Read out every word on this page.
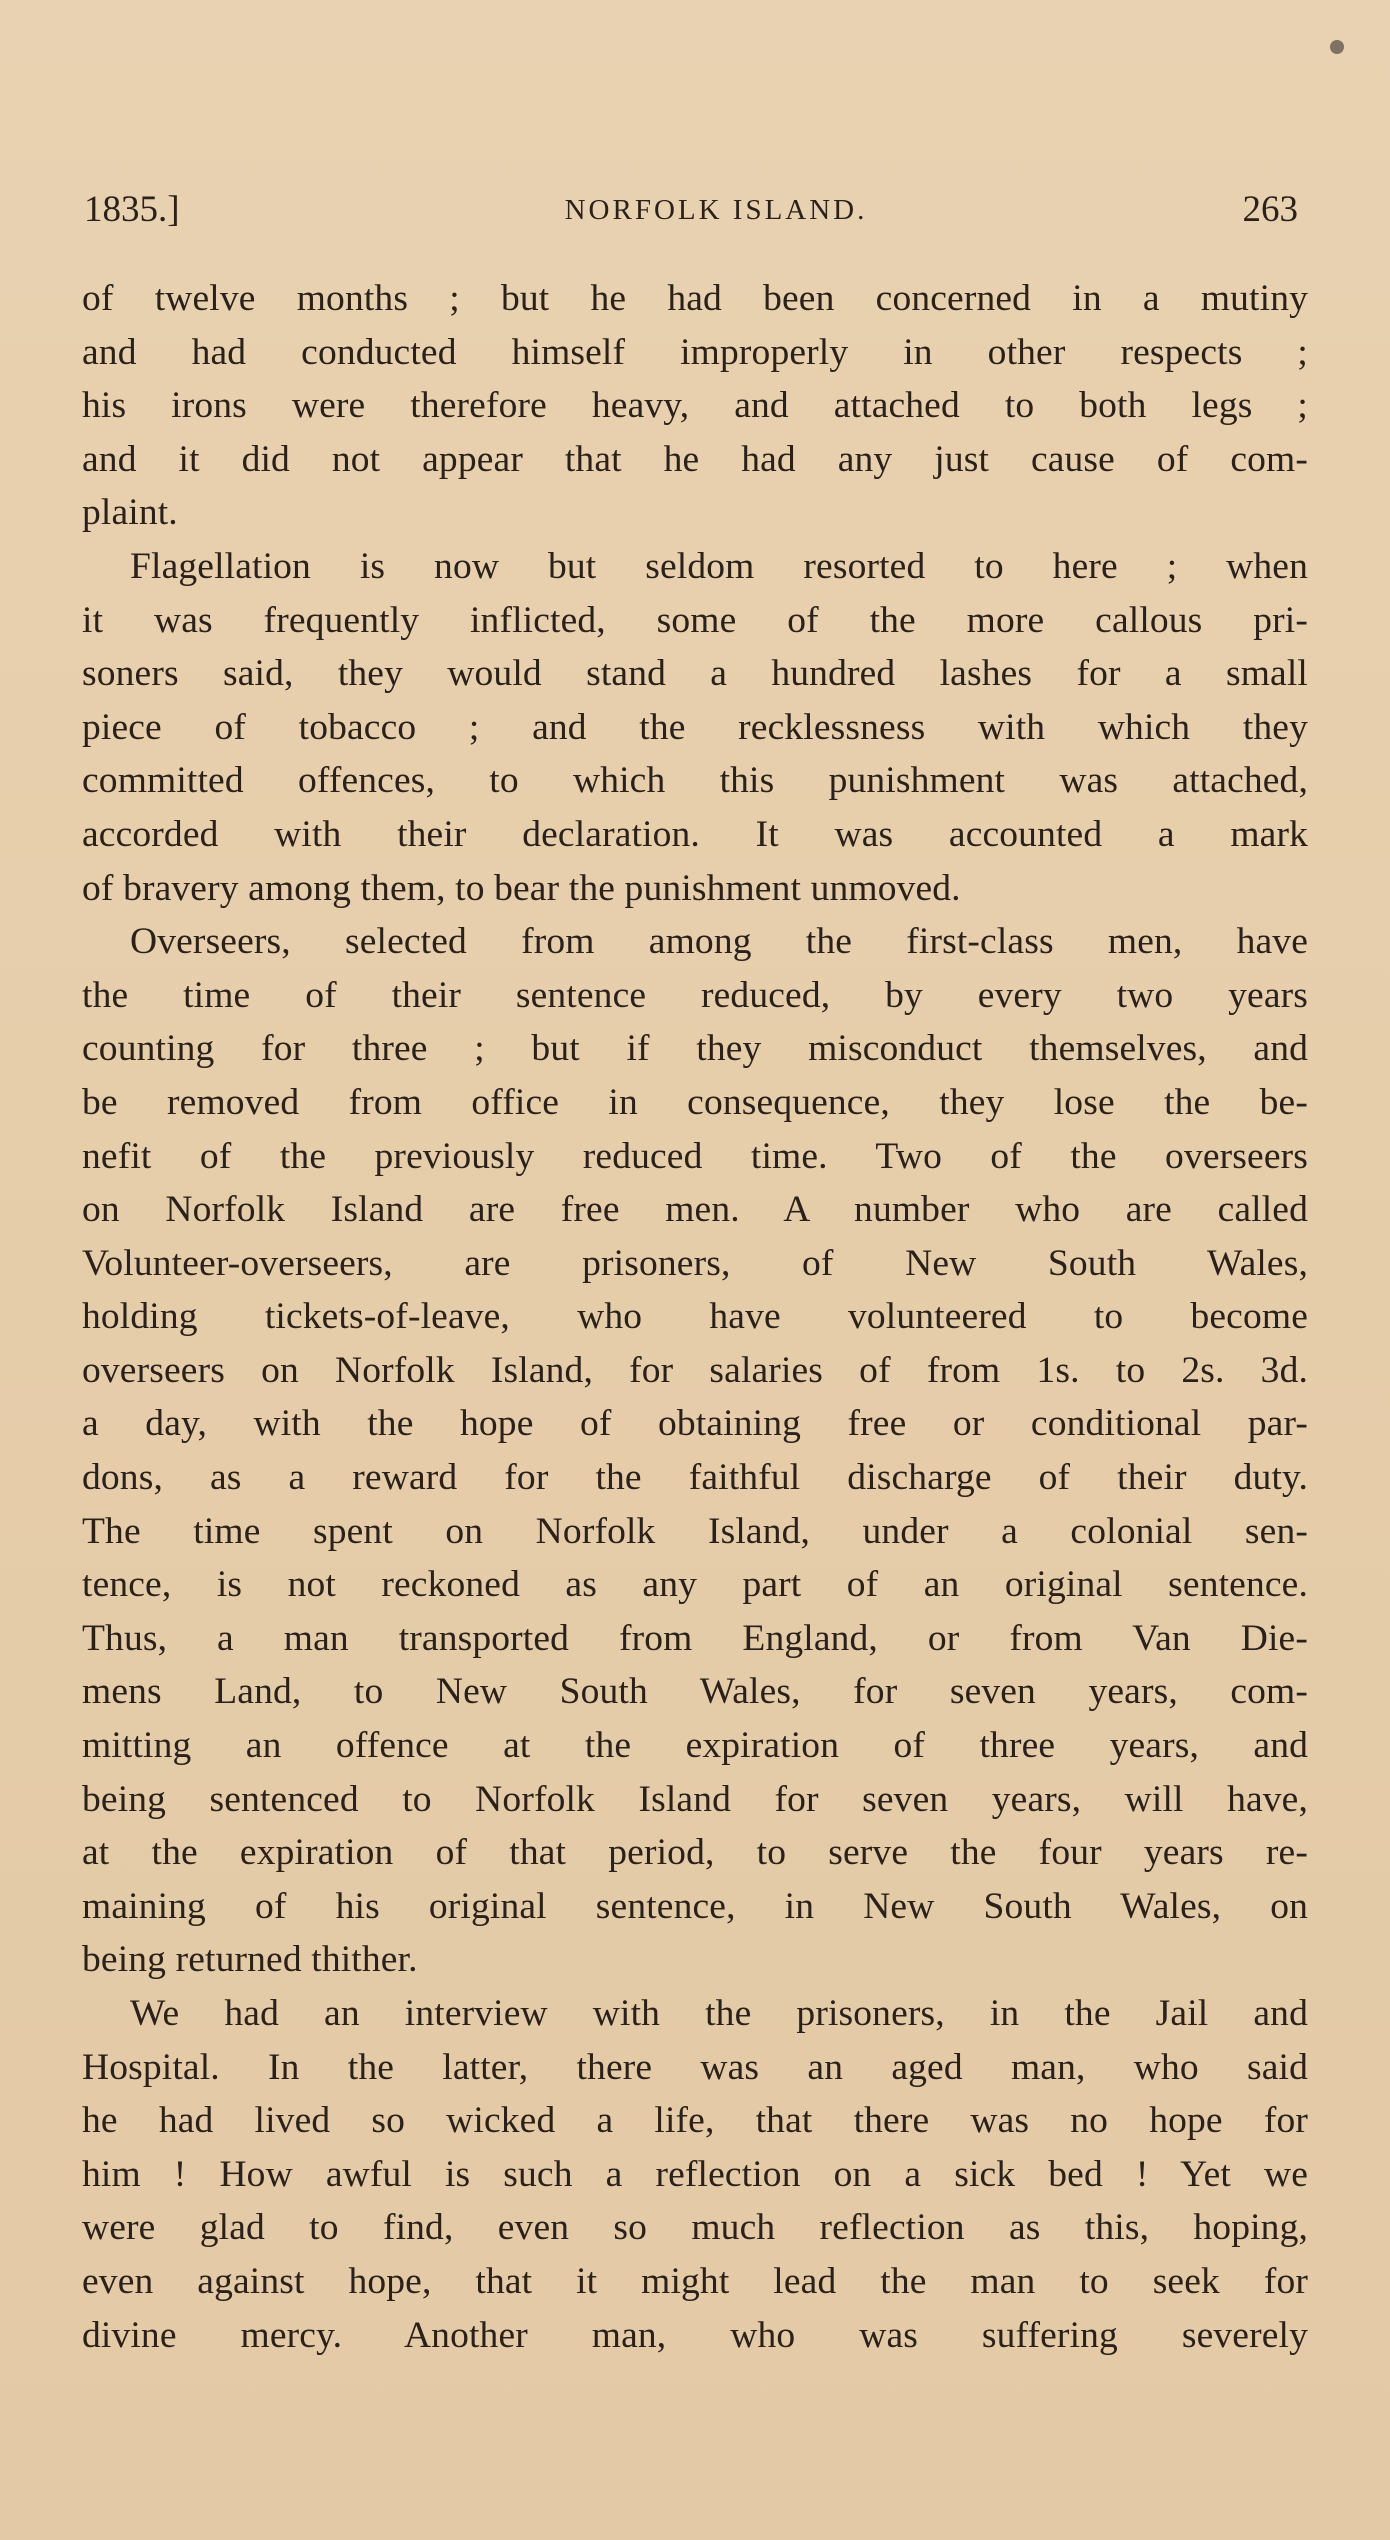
1835.]	NORFOLK ISLAND.	263
of twelve months ; but he had been concerned in a mutiny
and had conducted himself improperly in other respects ;
his irons were therefore heavy, and attached to both legs ;
and it did not appear that he had any just cause of com-
plaint.
Flagellation is now but seldom resorted to here ; when
it was frequently inflicted, some of the more callous pri-
soners said, they would stand a hundred lashes for a small
piece of tobacco ; and the recklessness with which they
committed offences, to which this punishment was attached,
accorded with their declaration. It was accounted a mark
of bravery among them, to bear the punishment unmoved.
Overseers, selected from among the first-class men, have
the time of their sentence reduced, by every two years
counting for three ; but if they misconduct themselves, and
be removed from office in consequence, they lose the be-
nefit of the previously reduced time. Two of the overseers
on Norfolk Island are free men. A number who are called
Volunteer-overseers, are prisoners, of New South Wales,
holding tickets-of-leave, who have volunteered to become
overseers on Norfolk Island, for salaries of from 1s. to 2s. 3d.
a day, with the hope of obtaining free or conditional par-
dons, as a reward for the faithful discharge of their duty.
The time spent on Norfolk Island, under a colonial sen-
tence, is not reckoned as any part of an original sentence.
Thus, a man transported from England, or from Van Die-
mens Land, to New South Wales, for seven years, com-
mitting an offence at the expiration of three years, and
being sentenced to Norfolk Island for seven years, will have,
at the expiration of that period, to serve the four years re-
maining of his original sentence, in New South Wales, on
being returned thither.
We had an interview with the prisoners, in the Jail and
Hospital. In the latter, there was an aged man, who said
he had lived so wicked a life, that there was no hope for
him ! How awful is such a reflection on a sick bed ! Yet we
were glad to find, even so much reflection as this, hoping,
even against hope, that it might lead the man to seek for
divine mercy. Another man, who was suffering severely
